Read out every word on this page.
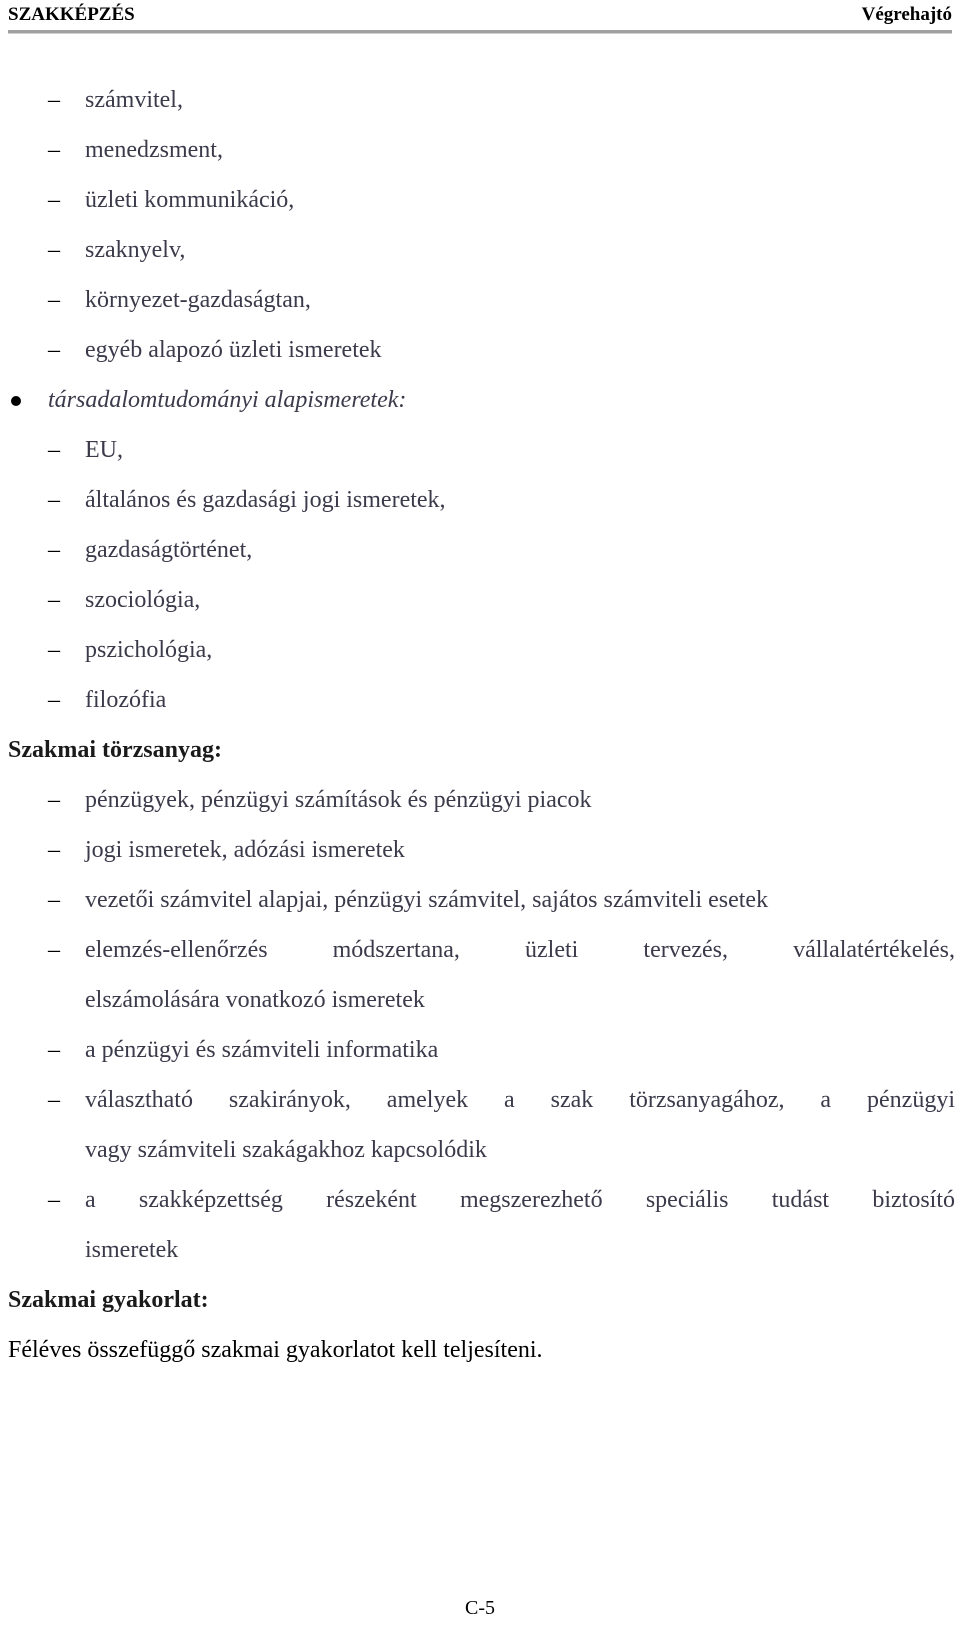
SZAKKÉPZÉS	Végrehajtó
–	számvitel,
–	menedzsment,
–	üzleti kommunikáció,
–	szaknyelv,
–	környezet-gazdaságtan,
–	egyéb alapozó üzleti ismeretek
társadalomtudományi alapismeretek:
–	EU,
–	általános és gazdasági jogi ismeretek,
–	gazdaságtörténet,
–	szociológia,
–	pszichológia,
–	filozófia
Szakmai törzsanyag:
–	pénzügyek, pénzügyi számítások és pénzügyi piacok
–	jogi ismeretek, adózási ismeretek
–	vezetői számvitel alapjai, pénzügyi számvitel, sajátos számviteli esetek
–	elemzés-ellenőrzés módszertana, üzleti tervezés, vállalatértékelés,
elszámolására vonatkozó ismeretek
–	a pénzügyi és számviteli informatika
–	választható szakirányok, amelyek a szak törzsanyagához, a pénzügyi
vagy számviteli szakágakhoz kapcsolódik
–	a szakképzettség részeként megszerezhető speciális tudást biztosító
ismeretek
Szakmai gyakorlat:
Féléves összefüggő szakmai gyakorlatot kell teljesíteni.
C-5
